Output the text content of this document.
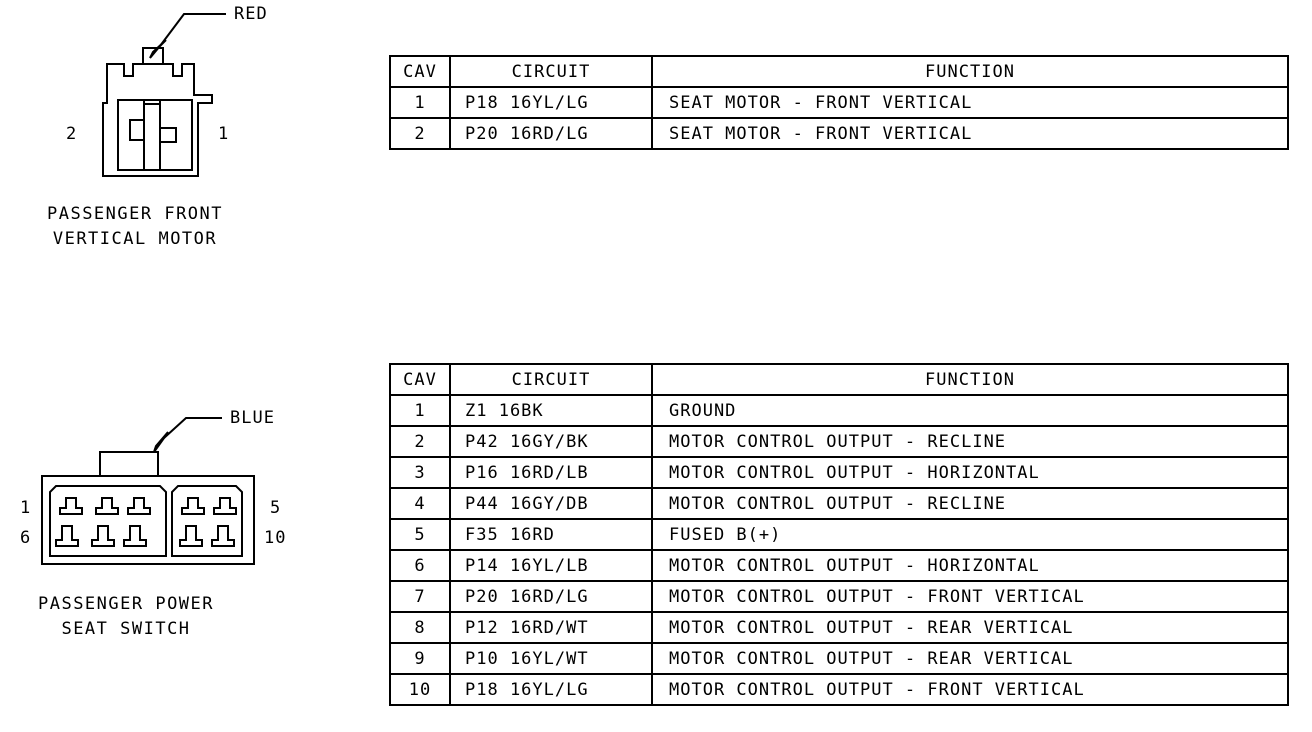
RED
2	1
PASSENGER FRONT
VERTICAL MOTOR
CAV	CIRCUIT	FUNCTION
1	P18 16YL/LG	SEAT MOTOR - FRONT VERTICAL
2	P20 16RD/LG	SEAT MOTOR - FRONT VERTICAL
BLUE
1
6
5
10
PASSENGER POWER
SEAT SWITCH
CAV	CIRCUIT	FUNCTION
1	Z1 16BK	GROUND
2	P42 16GY/BK	MOTOR CONTROL OUTPUT - RECLINE
3	P16 16RD/LB	MOTOR CONTROL OUTPUT - HORIZONTAL
4	P44 16GY/DB	MOTOR CONTROL OUTPUT - RECLINE
5	F35 16RD	FUSED B(+)
6	P14 16YL/LB	MOTOR CONTROL OUTPUT - HORIZONTAL
7	P20 16RD/LG	MOTOR CONTROL OUTPUT - FRONT VERTICAL
8	P12 16RD/WT	MOTOR CONTROL OUTPUT - REAR VERTICAL
9	P10 16YL/WT	MOTOR CONTROL OUTPUT - REAR VERTICAL
10	P18 16YL/LG	MOTOR CONTROL OUTPUT - FRONT VERTICAL
